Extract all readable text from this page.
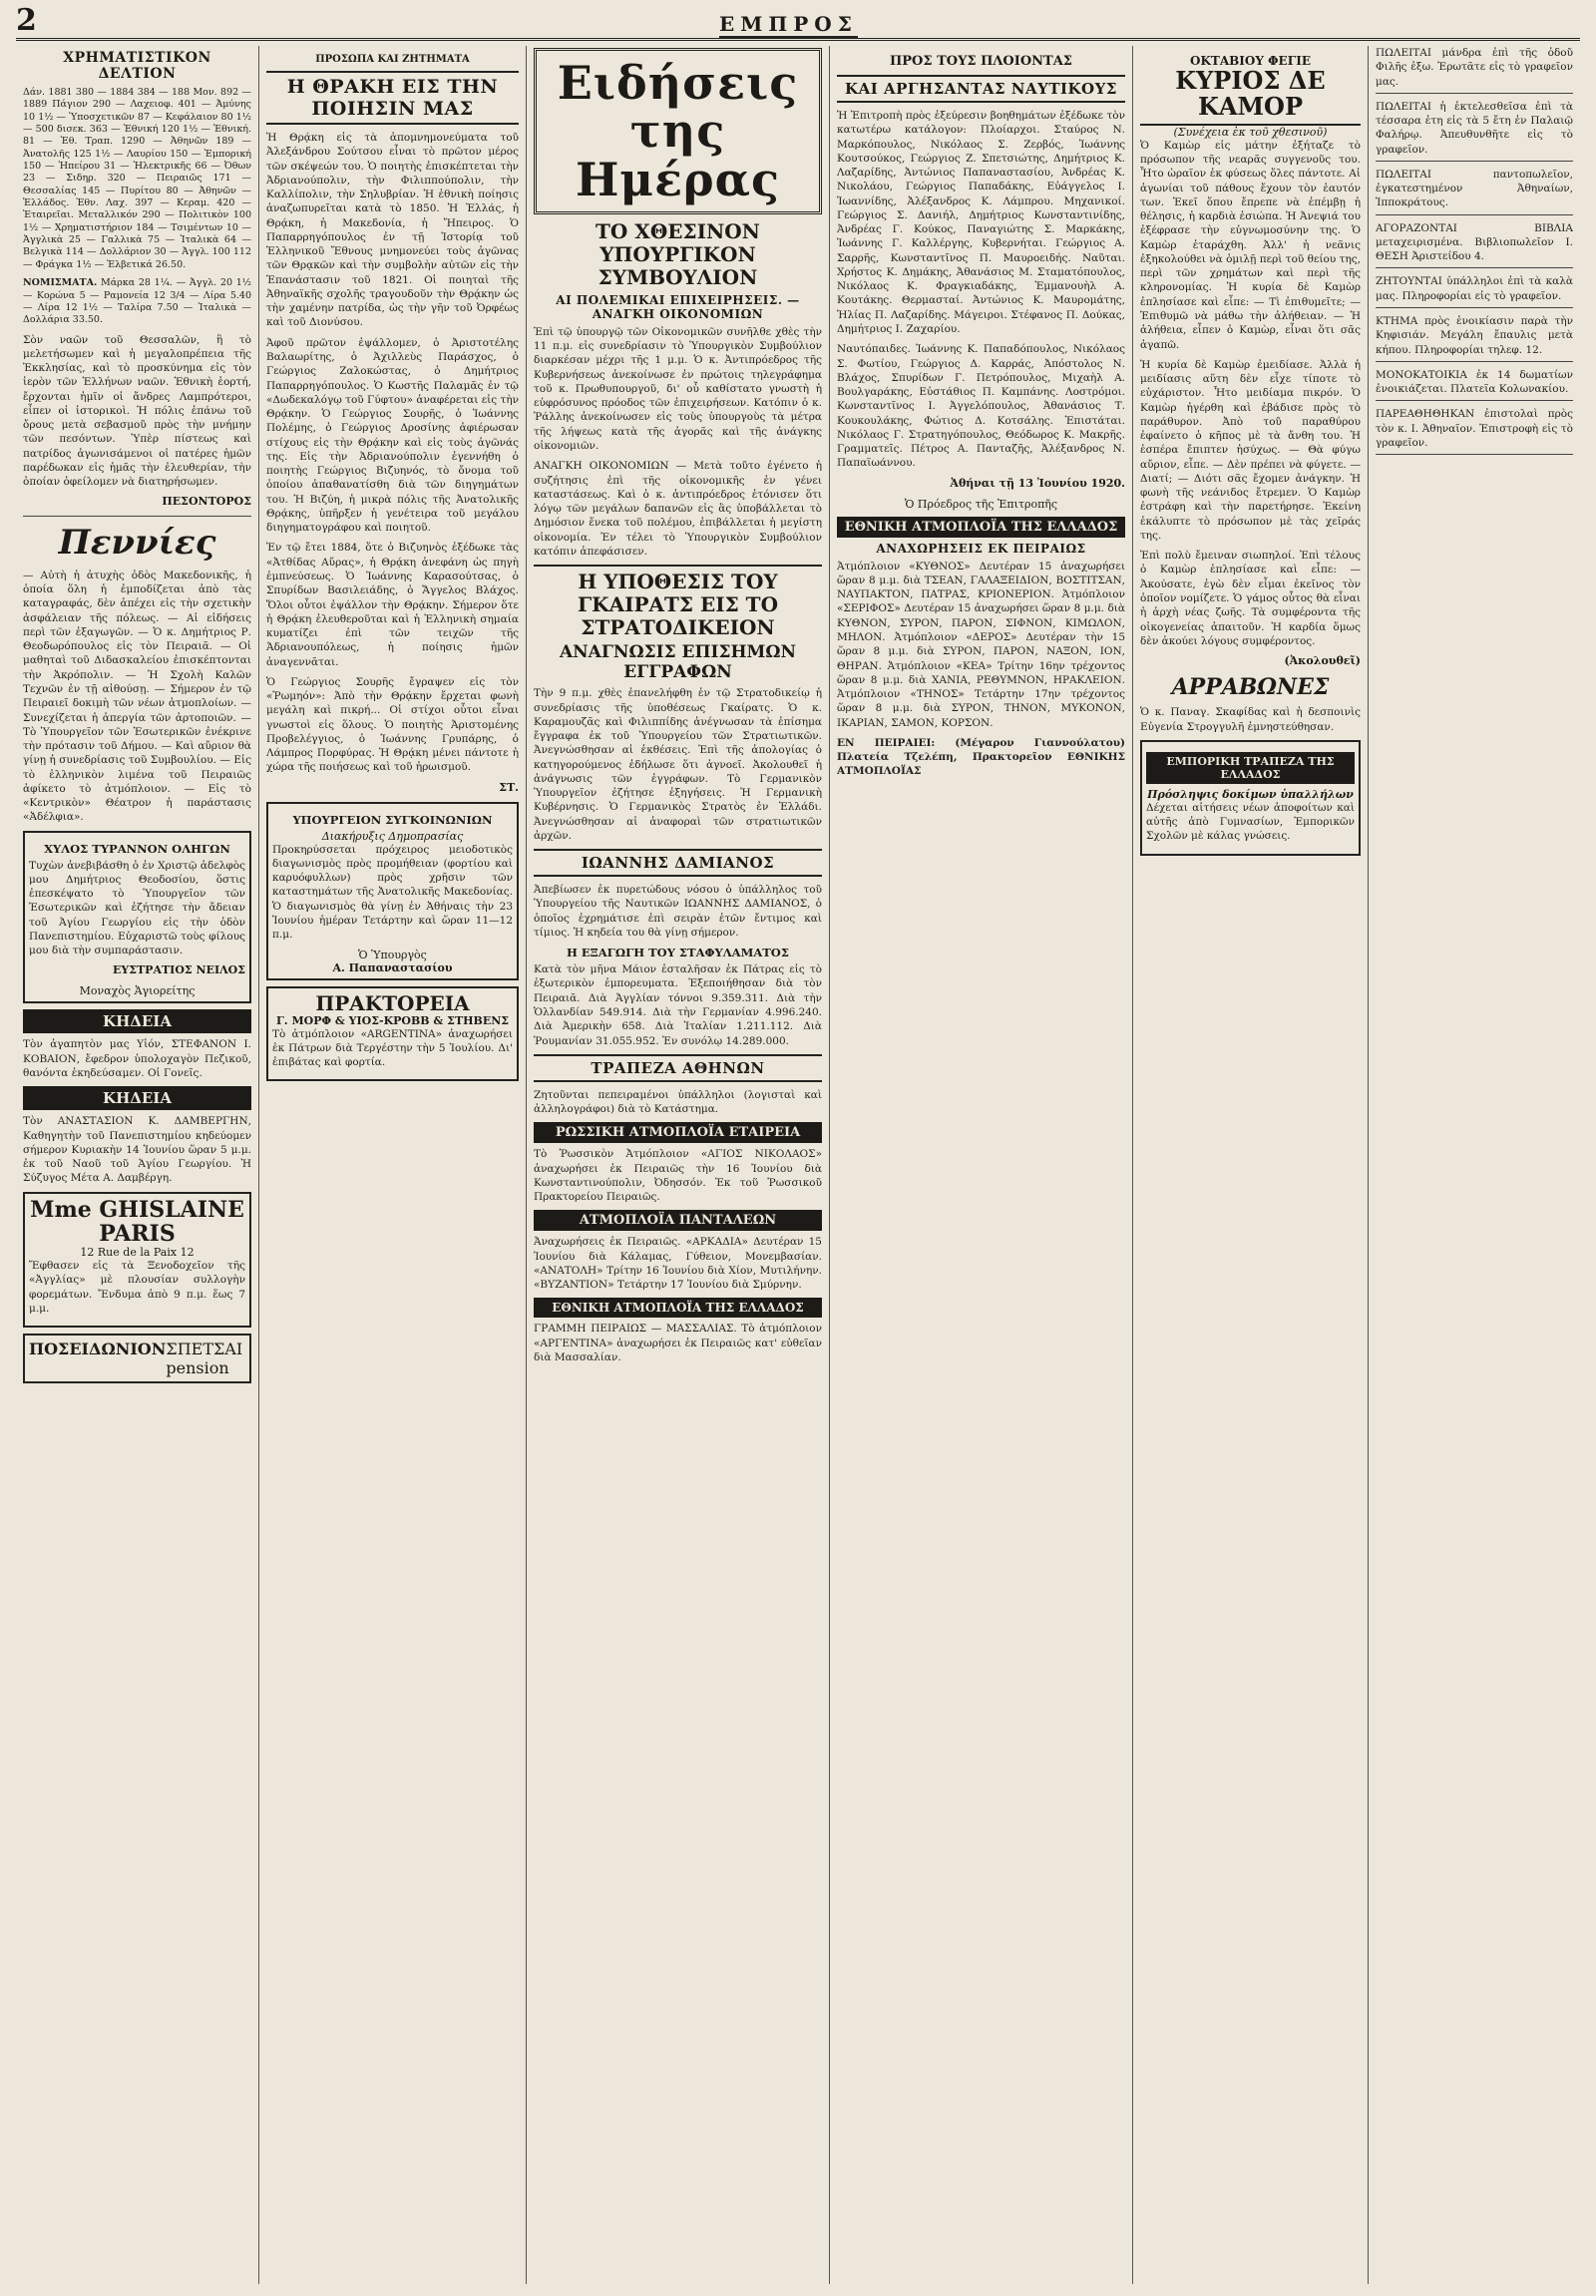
2	ΕΜΠΡΟΣ
ΧΡΗΜΑΤΙΣΤΙΚΟΝ ΔΕΛΤΙΟΝ

Δάν. 1881 380 — 1884 384 — 188 Μον. 892 — 1889 Πάγιον 290 — Λαχειοφ. 401 — Ἀμύνης 10 1½ — Ὑποσχετικῶν 87 — Κεφάλαιον 80 1½ — 500 δισεκ. 363 — Ἐθνική 120 1½ — Ἐθνική. 81 — Ἐθ. Τραπ. 1290 — Ἀθηνῶν 189 — Ἀνατολῆς 125 1½ — Λαυρίου 150 — Ἐμπορική 150 — Ἠπείρου 31 — Ἡλεκτρικῆς 66 — Ὀθων 23 — Σιδηρ. 320 — Πειραιῶς 171 — Θεσσαλίας 145 — Πυρίτου 80 — Ἀθηνῶν — Ἑλλάδος. Ἐθν. Λαχ. 397 — Κεραμ. 420 — Ἐταιρεῖαι. Μεταλλικόν 290 — Πολιτικὸν 100 1½ — Χρηματιστήριον 184 — Τσιμέντων 10 — Ἀγγλικὰ 25 — Γαλλικὰ 75 — Ἰταλικὰ 64 — Βελγικὰ 114 — Δολλάριον 30 — Ἀγγλ. 100 112 — Φράγκα 1½ — Ἑλβετικά 26.50.

ΝΟΜΙΣΜΑΤΑ. Μάρκα 28 1¼. — Ἀγγλ. 20 1½ — Κορώνα 5 — Ραμονεία 12 3/4 — Λίρα 5.40 — Λίρα 12 1½ — Ταλίρα 7.50 — Ἰταλικὰ — Δολλάρια 33.50.

Σὸν ναῶν τοῦ Θεσσαλῶν, ἣ τὸ μελετήσωμεν καὶ ἡ μεγαλοπρέπεια τῆς Ἐκκλησίας, καὶ τὸ προσκύνημα εἰς τὸν ἱερὸν τῶν Ἑλλήνων ναῶν. Ἐθνικὴ ἑορτή, ἔρχονται ἡμῖν οἱ ἄνδρες Λαμπρότεροι, εἶπεν οἱ ἱστορικοὶ. Ἡ πόλις ἐπάνω τοῦ ὄρους μετὰ σεβασμοῦ πρὸς τὴν μνήμην τῶν πεσόντων. Ὑπὲρ πίστεως καὶ πατρίδος ἀγωνισάμενοι οἱ πατέρες ἡμῶν παρέδωκαν εἰς ἡμᾶς τὴν ἐλευθερίαν, τὴν ὁποίαν ὀφείλομεν νὰ διατηρήσωμεν.

ΠΕΣΟΝΤΟΡΟΣ
Πεννίες

— Αὐτὴ ἡ ἀτυχὴς ὁδὸς Μακεδονικῆς, ἡ ὁποία ὅλη ἡ ἐμποδίζεται ἀπὸ τὰς καταγραφάς, δὲν ἀπέχει εἰς τὴν σχετικὴν ἀσφάλειαν τῆς πόλεως. — Αἱ εἰδήσεις περὶ τῶν ἐξαγωγῶν. — Ὁ κ. Δημήτριος Ρ. Θεοδωρόπουλος εἰς τὸν Πειραιᾶ. — Οἱ μαθηταὶ τοῦ Διδασκαλείου ἐπισκέπτονται τὴν Ἀκρόπολιν. — Ἡ Σχολὴ Καλῶν Τεχνῶν ἐν τῇ αἰθούσῃ. — Σήμερον ἐν τῷ Πειραιεῖ δοκιμὴ τῶν νέων ἀτμοπλοίων. — Συνεχίζεται ἡ ἀπεργία τῶν ἀρτοποιῶν. — Τὸ Ὑπουργεῖον τῶν Ἐσωτερικῶν ἐνέκρινε τὴν πρότασιν τοῦ Δήμου. — Καὶ αὔριον θὰ γίνῃ ἡ συνεδρίασις τοῦ Συμβουλίου. — Εἰς τὸ ἑλληνικὸν λιμένα τοῦ Πειραιῶς ἀφίκετο τὸ ἀτμόπλοιον. — Εἰς τὸ «Κεντρικὸν» Θέατρον ἡ παράστασις «Ἀδέλφια».

ΧΥΛΟΣ ΤΥΡΑΝΝΟΝ ΟΛΗΓΩΝ

Τυχὼν ἀνεβιβάσθη ὁ ἐν Χριστῷ ἀδελφὸς μου Δημήτριος Θεοδοσίου, ὅστις ἐπεσκέψατο τὸ Ὑπουργεῖον τῶν Ἐσωτερικῶν καὶ ἐζήτησε τὴν ἄδειαν τοῦ Ἀγίου Γεωργίου εἰς τὴν ὁδὸν Πανεπιστημίου. Εὐχαριστῶ τοὺς φίλους μου διὰ τὴν συμπαράστασιν.

ΕΥΣΤΡΑΤΙΟΣ ΝΕΙΛΟΣ
Μοναχὸς Ἁγιορείτης
ΚΗΔΕΙΑ

Τὸν ἀγαπητὸν μας Υἱόν, ΣΤΕΦΑΝΟΝ Ι. ΚΟΒΑΙΟΝ, ἔφεδρον ὑπολοχαγὸν Πεζικοῦ, θανόντα ἐκηδεύσαμεν. Οἱ Γονεῖς.

ΚΗΔΕΙΑ

Τὸν ΑΝΑΣΤΑΣΙΟΝ Κ. ΔΑΜΒΕΡΓΗΝ, Καθηγητὴν τοῦ Πανεπιστημίου κηδεύομεν σήμερον Κυριακὴν 14 Ἰουνίου ὥραν 5 μ.μ. ἐκ τοῦ Ναοῦ τοῦ Ἁγίου Γεωργίου. Ἡ Σύζυγος Μέτα Α. Δαμβέργη.

Mme GHISLAINE PARIS
12 Rue de la Paix 12

Ἔφθασεν εἰς τὰ Ξενοδοχεῖον τῆς «Ἀγγλίας» μὲ πλουσίαν συλλογὴν φορεμάτων. Ἔνδυμα ἀπὸ 9 π.μ. ἕως 7 μ.μ.

ΠΟΣΕΙΔΩΝΙΟΝ ΣΠΕΤΣΑΙ pension
ΠΡΟΣΩΠΑ ΚΑΙ ΖΗΤΗΜΑΤΑ
Η ΘΡΑΚΗ ΕΙΣ ΤΗΝ ΠΟΙΗΣΙΝ ΜΑΣ

Ἡ Θρᾴκη εἰς τὰ ἀπομνημονεύματα τοῦ Ἀλεξάνδρου Σούτσου εἶναι τὸ πρῶτον μέρος τῶν σκέψεών του. Ὁ ποιητὴς ἐπισκέπτεται τὴν Ἀδριανούπολιν, τὴν Φιλιππούπολιν, τὴν Καλλίπολιν, τὴν Σηλυβρίαν. Ἡ ἐθνικὴ ποίησις ἀναζωπυρεῖται κατὰ τὸ 1850. Ἡ Ἑλλάς, ἡ Θρᾴκη, ἡ Μακεδονία, ἡ Ἤπειρος. Ὁ Παπαρρηγόπουλος ἐν τῇ Ἱστορίᾳ τοῦ Ἑλληνικοῦ Ἔθνους μνημονεύει τοὺς ἀγῶνας τῶν Θρᾳκῶν καὶ τὴν συμβολὴν αὐτῶν εἰς τὴν Ἐπανάστασιν τοῦ 1821. Οἱ ποιηταὶ τῆς Ἀθηναϊκῆς σχολῆς τραγουδοῦν τὴν Θρᾴκην ὡς τὴν χαμένην πατρίδα, ὡς τὴν γῆν τοῦ Ὀρφέως καὶ τοῦ Διονύσου.

Ἀφοῦ πρῶτον ἐψάλλομεν, ὁ Ἀριστοτέλης Βαλαωρίτης, ὁ Ἀχιλλεὺς Παράσχος, ὁ Γεώργιος Ζαλοκώστας, ὁ Δημήτριος Παπαρρηγόπουλος. Ὁ Κωστῆς Παλαμᾶς ἐν τῷ «Δωδεκαλόγῳ τοῦ Γύφτου» ἀναφέρεται εἰς τὴν Θρᾴκην. Ὁ Γεώργιος Σουρῆς, ὁ Ἰωάννης Πολέμης, ὁ Γεώργιος Δροσίνης ἀφιέρωσαν στίχους εἰς τὴν Θρᾴκην καὶ εἰς τοὺς ἀγῶνάς της. Εἰς τὴν Ἀδριανούπολιν ἐγεννήθη ὁ ποιητὴς Γεώργιος Βιζυηνός, τὸ ὄνομα τοῦ ὁποίου ἀπαθανατίσθη διὰ τῶν διηγημάτων του. Ἡ Βιζύη, ἡ μικρὰ πόλις τῆς Ἀνατολικῆς Θρᾴκης, ὑπῆρξεν ἡ γενέτειρα τοῦ μεγάλου διηγηματογράφου καὶ ποιητοῦ.

Ἐν τῷ ἔτει 1884, ὅτε ὁ Βιζυηνὸς ἐξέδωκε τὰς «Ἀτθίδας Αὔρας», ἡ Θρᾴκη ἀνεφάνη ὡς πηγὴ ἐμπνεύσεως. Ὁ Ἰωάννης Καρασούτσας, ὁ Σπυρίδων Βασιλειάδης, ὁ Ἄγγελος Βλάχος. Ὅλοι οὗτοι ἐψάλλον τὴν Θρᾴκην. Σήμερον ὅτε ἡ Θρᾴκη ἐλευθεροῦται καὶ ἡ Ἑλληνικὴ σημαία κυματίζει ἐπὶ τῶν τειχῶν τῆς Ἀδριανουπόλεως, ἡ ποίησις ἡμῶν ἀναγεννᾶται.

Ὁ Γεώργιος Σουρῆς ἔγραψεν εἰς τὸν «Ῥωμηόν»: Ἀπὸ τὴν Θρᾴκην ἔρχεται φωνὴ μεγάλη καὶ πικρή... Οἱ στίχοι οὗτοι εἶναι γνωστοὶ εἰς ὅλους. Ὁ ποιητὴς Ἀριστομένης Προβελέγγιος, ὁ Ἰωάννης Γρυπάρης, ὁ Λάμπρος Πορφύρας. Ἡ Θρᾴκη μένει πάντοτε ἡ χώρα τῆς ποιήσεως καὶ τοῦ ἡρωισμοῦ.

ΣΤ.
ΥΠΟΥΡΓΕΙΟΝ ΣΥΓΚΟΙΝΩΝΙΩΝ
Διακήρυξις Δημοπρασίας

Προκηρύσσεται πρόχειρος μειοδοτικὸς διαγωνισμὸς πρὸς προμήθειαν (φορτίου καὶ καρυόφυλλων) πρὸς χρῆσιν τῶν καταστημάτων τῆς Ἀνατολικῆς Μακεδονίας. Ὁ διαγωνισμὸς θὰ γίνῃ ἐν Ἀθήναις τὴν 23 Ἰουνίου ἡμέραν Τετάρτην καὶ ὥραν 11—12 π.μ.

Ὁ Ὑπουργὸς
Α. Παπαναστασίου
ΠΡΑΚΤΟΡΕΙΑ
Γ. ΜΟΡΦ & ΥΙΟΣ-ΚΡΟΒΒ & ΣΤΗΒΕΝΣ

Τὸ ἀτμόπλοιον «ARGENTINA» ἀναχωρήσει ἐκ Πάτρων διὰ Τεργέστην τὴν 5 Ἰουλίου. Δι' ἐπιβάτας καὶ φορτία.

Ειδήσεις της Ημέρας
ΤΟ ΧΘΕΣΙΝΟΝ ΥΠΟΥΡΓΙΚΟΝ ΣΥΜΒΟΥΛΙΟΝ
ΑΙ ΠΟΛΕΜΙΚΑΙ ΕΠΙΧΕΙΡΗΣΕΙΣ. — ΑΝΑΓΚΗ ΟΙΚΟΝΟΜΙΩΝ

Ἐπὶ τῷ ὑπουργῷ τῶν Οἰκονομικῶν συνῆλθε χθὲς τὴν 11 π.μ. εἰς συνεδρίασιν τὸ Ὑπουργικὸν Συμβούλιον διαρκέσαν μέχρι τῆς 1 μ.μ. Ὁ κ. Ἀντιπρόεδρος τῆς Κυβερνήσεως ἀνεκοίνωσε ἐν πρώτοις τηλεγράφημα τοῦ κ. Πρωθυπουργοῦ, δι' οὗ καθίστατο γνωστὴ ἡ εὐφρόσυνος πρόοδος τῶν ἐπιχειρήσεων. Κατόπιν ὁ κ. Ῥάλλης ἀνεκοίνωσεν εἰς τοὺς ὑπουργοὺς τὰ μέτρα τῆς λήψεως κατὰ τῆς ἀγορᾶς καὶ τῆς ἀνάγκης οἰκονομιῶν.

ΑΝΑΓΚΗ ΟΙΚΟΝΟΜΙΩΝ — Μετὰ τοῦτο ἐγένετο ἡ συζήτησις ἐπὶ τῆς οἰκονομικῆς ἐν γένει καταστάσεως. Καὶ ὁ κ. ἀντιπρόεδρος ἐτόνισεν ὅτι λόγῳ τῶν μεγάλων δαπανῶν εἰς ἃς ὑποβάλλεται τὸ Δημόσιον ἕνεκα τοῦ πολέμου, ἐπιβάλλεται ἡ μεγίστη οἰκονομία. Ἐν τέλει τὸ Ὑπουργικὸν Συμβούλιον κατόπιν ἀπεφάσισεν.

Η ΥΠΟΘΕΣΙΣ ΤΟΥ ΓΚΑΙΡΑΤΣ ΕΙΣ ΤΟ ΣΤΡΑΤΟΔΙΚΕΙΟΝ
ΑΝΑΓΝΩΣΙΣ ΕΠΙΣΗΜΩΝ ΕΓΓΡΑΦΩΝ

Τὴν 9 π.μ. χθὲς ἐπανελήφθη ἐν τῷ Στρατοδικείῳ ἡ συνεδρίασις τῆς ὑποθέσεως Γκαίρατς. Ὁ κ. Καραμουζᾶς καὶ Φιλιππίδης ἀνέγνωσαν τὰ ἐπίσημα ἔγγραφα ἐκ τοῦ Ὑπουργείου τῶν Στρατιωτικῶν. Ἀνεγνώσθησαν αἱ ἐκθέσεις. Ἐπὶ τῆς ἀπολογίας ὁ κατηγορούμενος ἐδήλωσε ὅτι ἀγνοεῖ. Ἀκολουθεῖ ἡ ἀνάγνωσις τῶν ἐγγράφων. Τὸ Γερμανικὸν Ὑπουργεῖον ἐζήτησε ἐξηγήσεις. Ἡ Γερμανικὴ Κυβέρνησις. Ὁ Γερμανικὸς Στρατὸς ἐν Ἑλλάδι. Ἀνεγνώσθησαν αἱ ἀναφοραὶ τῶν στρατιωτικῶν ἀρχῶν.

ΙΩΑΝΝΗΣ ΔΑΜΙΑΝΟΣ

Ἀπεβίωσεν ἐκ πυρετώδους νόσου ὁ ὑπάλληλος τοῦ Ὑπουργείου τῆς Ναυτικῶν ΙΩΑΝΝΗΣ ΔΑΜΙΑΝΟΣ, ὁ ὁποῖος ἐχρημάτισε ἐπὶ σειρὰν ἐτῶν ἔντιμος καὶ τίμιος. Ἡ κηδεία του θὰ γίνῃ σήμερον.

Η ΕΞΑΓΩΓΗ ΤΟΥ ΣΤΑΦΥΛΑΜΑΤΟΣ

Κατὰ τὸν μῆνα Μάιον ἐσταλῆσαν ἐκ Πάτρας εἰς τὸ ἐξωτερικὸν ἐμπορευματα. Ἐξεποιήθησαν διὰ τὸν Πειραιᾶ. Διὰ Ἀγγλίαν τόννοι 9.359.311. Διὰ τὴν Ὁλλανδίαν 549.914. Διὰ τὴν Γερμανίαν 4.996.240. Διὰ Ἀμερικὴν 658. Διὰ Ἰταλίαν 1.211.112. Διὰ Ῥουμανίαν 31.055.952. Ἐν συνόλῳ 14.289.000.

ΤΡΑΠΕΖΑ ΑΘΗΝΩΝ

Ζητοῦνται πεπειραμένοι ὑπάλληλοι (λογισταὶ καὶ ἀλληλογράφοι) διὰ τὸ Κατάστημα.

ΡΩΣΣΙΚΗ ΑΤΜΟΠΛΟΪΑ ΕΤΑΙΡΕΙΑ

Τὸ Ῥωσσικὸν Ἀτμόπλοιον «ΑΓΙΟΣ ΝΙΚΟΛΑΟΣ» ἀναχωρήσει ἐκ Πειραιῶς τὴν 16 Ἰουνίου διὰ Κωνσταντινούπολιν, Ὀδησσόν. Ἐκ τοῦ Ῥωσσικοῦ Πρακτορείου Πειραιῶς.

ΑΤΜΟΠΛΟΪΑ ΠΑΝΤΑΛΕΩΝ

Ἀναχωρήσεις ἐκ Πειραιῶς. «ΑΡΚΑΔΙΑ» Δευτέραν 15 Ἰουνίου διὰ Κάλαμας, Γύθειον, Μονεμβασίαν. «ΑΝΑΤΟΛΗ» Τρίτην 16 Ἰουνίου διὰ Χίον, Μυτιλήνην. «ΒΥΖΑΝΤΙΟΝ» Τετάρτην 17 Ἰουνίου διὰ Σμύρνην.

ΕΘΝΙΚΗ ΑΤΜΟΠΛΟΪΑ ΤΗΣ ΕΛΛΑΔΟΣ

ΓΡΑΜΜΗ ΠΕΙΡΑΙΩΣ — ΜΑΣΣΑΛΙΑΣ. Τὸ ἀτμόπλοιον «ΑΡΓΕΝΤΙΝΑ» ἀναχωρήσει ἐκ Πειραιῶς κατ' εὐθεῖαν διὰ Μασσαλίαν.

ΠΡΟΣ ΤΟΥΣ ΠΛΟΙΟΝΤΑΣ
ΚΑΙ ΑΡΓΗΣΑΝΤΑΣ ΝΑΥΤΙΚΟΥΣ

Ἡ Ἐπιτροπὴ πρὸς ἐξεύρεσιν βοηθημάτων ἐξέδωκε τὸν κατωτέρω κατάλογον: Πλοίαρχοι. Σταύρος Ν. Μαρκόπουλος, Νικόλαος Σ. Ζερβός, Ἰωάννης Κουτσούκος, Γεώργιος Ζ. Σπετσιώτης, Δημήτριος Κ. Λαζαρίδης, Ἀντώνιος Παπαναστασίου, Ἀνδρέας Κ. Νικολάου, Γεώργιος Παπαδάκης, Εὐάγγελος Ι. Ἰωαννίδης, Ἀλέξανδρος Κ. Λάμπρου. Μηχανικοί. Γεώργιος Σ. Δανιήλ, Δημήτριος Κωνσταντινίδης, Ἀνδρέας Γ. Κούκος, Παναγιώτης Σ. Μαρκάκης, Ἰωάννης Γ. Καλλέργης, Κυβερνήται. Γεώργιος Α. Σαρρῆς, Κωνσταντῖνος Π. Μαυροειδής. Ναῦται. Χρήστος Κ. Δημάκης, Ἀθανάσιος Μ. Σταματόπουλος, Νικόλαος Κ. Φραγκιαδάκης, Ἐμμανουὴλ Α. Κουτάκης. Θερμασταί. Ἀντώνιος Κ. Μαυρομάτης, Ἠλίας Π. Λαζαρίδης. Μάγειροι. Στέφανος Π. Δούκας, Δημήτριος Ι. Ζαχαρίου.

Ναυτόπαιδες. Ἰωάννης Κ. Παπαδόπουλος, Νικόλαος Σ. Φωτίου, Γεώργιος Δ. Καρράς, Ἀπόστολος Ν. Βλάχος, Σπυρίδων Γ. Πετρόπουλος, Μιχαὴλ Α. Βουλγαράκης, Εὐστάθιος Π. Καμπάνης. Λοστρόμοι. Κωνσταντῖνος Ι. Ἀγγελόπουλος, Ἀθανάσιος Τ. Κουκουλάκης, Φώτιος Δ. Κοτσάλης. Ἐπιστάται. Νικόλαος Γ. Στρατηγόπουλος, Θεόδωρος Κ. Μακρῆς. Γραμματεῖς. Πέτρος Α. Πανταζῆς, Ἀλέξανδρος Ν. Παπαϊωάννου.

Ἀθήναι τῇ 13 Ἰουνίου 1920.
Ὁ Πρόεδρος τῆς Ἐπιτροπῆς
ΕΘΝΙΚΗ ΑΤΜΟΠΛΟΪΑ ΤΗΣ ΕΛΛΑΔΟΣ
ΑΝΑΧΩΡΗΣΕΙΣ ΕΚ ΠΕΙΡΑΙΩΣ

Ἀτμόπλοιον «ΚΥΘΝΟΣ» Δευτέραν 15 ἀναχωρήσει ὥραν 8 μ.μ. διὰ ΤΣΕΑΝ, ΓΑΛΑΞΕΙΔΙΟΝ, ΒΟΣΤΙΤΣΑΝ, ΝΑΥΠΑΚΤΟΝ, ΠΑΤΡΑΣ, ΚΡΙΟΝΕΡΙΟΝ. Ἀτμόπλοιον «ΣΕΡΙΦΟΣ» Δευτέραν 15 ἀναχωρήσει ὥραν 8 μ.μ. διὰ ΚΥΘΝΟΝ, ΣΥΡΟΝ, ΠΑΡΟΝ, ΣΙΦΝΟΝ, ΚΙΜΩΛΟΝ, ΜΗΛΟΝ. Ἀτμόπλοιον «ΔΕΡΟΣ» Δευτέραν τὴν 15 ὥραν 8 μ.μ. διὰ ΣΥΡΟΝ, ΠΑΡΟΝ, ΝΑΞΟΝ, ΙΟΝ, ΘΗΡΑΝ. Ἀτμόπλοιον «ΚΕΑ» Τρίτην 16ην τρέχοντος ὥραν 8 μ.μ. διὰ ΧΑΝΙΑ, ΡΕΘΥΜΝΟΝ, ΗΡΑΚΛΕΙΟΝ. Ἀτμόπλοιον «ΤΗΝΟΣ» Τετάρτην 17ην τρέχοντος ὥραν 8 μ.μ. διὰ ΣΥΡΟΝ, ΤΗΝΟΝ, ΜΥΚΟΝΟΝ, ΙΚΑΡΙΑΝ, ΣΑΜΟΝ, ΚΟΡΣΟΝ.

ΕΝ ΠΕΙΡΑΙΕΙ: (Μέγαρον Γιαννούλατου) Πλατεία Τζελέπη, Πρακτορεῖον ΕΘΝΙΚΗΣ ΑΤΜΟΠΛΟΪΑΣ

ΟΚΤΑΒΙΟΥ ΦΕΓΙΕ
ΚΥΡΙΟΣ ΔΕ ΚΑΜΟΡ
(Συνέχεια ἐκ τοῦ χθεσινοῦ)

Ὁ Καμὼρ εἰς μάτην ἐξήταζε τὸ πρόσωπον τῆς νεαρᾶς συγγενοῦς του. Ἦτο ὡραῖον ἐκ φύσεως ὅλες πάντοτε. Αἱ ἀγωνίαι τοῦ πάθους ἔχουν τὸν ἑαυτόν των. Ἐκεῖ ὅπου ἔπρεπε νὰ ἐπέμβῃ ἡ θέλησις, ἡ καρδιὰ ἐσιώπα. Ἡ Ἀνεψιά του ἐξέφρασε τὴν εὐγνωμοσύνην της. Ὁ Καμὼρ ἐταράχθη. Ἀλλ' ἡ νεᾶνις ἐξηκολούθει νὰ ὁμιλῇ περὶ τοῦ θείου της, περὶ τῶν χρημάτων καὶ περὶ τῆς κληρονομίας. Ἡ κυρία δὲ Καμὼρ ἐπλησίασε καὶ εἶπε: — Τὶ ἐπιθυμεῖτε; — Ἐπιθυμῶ νὰ μάθω τὴν ἀλήθειαν. — Ἡ ἀλήθεια, εἶπεν ὁ Καμὼρ, εἶναι ὅτι σᾶς ἀγαπῶ.

Ἡ κυρία δὲ Καμὼρ ἐμειδίασε. Ἀλλὰ ἡ μειδίασις αὕτη δὲν εἶχε τίποτε τὸ εὐχάριστον. Ἦτο μειδίαμα πικρόν. Ὁ Καμὼρ ἠγέρθη καὶ ἐβάδισε πρὸς τὸ παράθυρον. Ἀπὸ τοῦ παραθύρου ἐφαίνετο ὁ κῆπος μὲ τὰ ἄνθη του. Ἡ ἑσπέρα ἔπιπτεν ἡσύχως. — Θὰ φύγω αὔριον, εἶπε. — Δὲν πρέπει νὰ φύγετε. — Διατί; — Διότι σᾶς ἔχομεν ἀνάγκην. Ἡ φωνὴ τῆς νεάνιδος ἔτρεμεν. Ὁ Καμὼρ ἐστράφη καὶ τὴν παρετήρησε. Ἐκείνη ἐκάλυπτε τὸ πρόσωπον μὲ τὰς χεῖράς της.

Ἐπὶ πολὺ ἔμειναν σιωπηλοί. Ἐπὶ τέλους ὁ Καμὼρ ἐπλησίασε καὶ εἶπε: — Ἀκούσατε, ἐγὼ δὲν εἶμαι ἐκεῖνος τὸν ὁποῖον νομίζετε. Ὁ γάμος οὗτος θὰ εἶναι ἡ ἀρχὴ νέας ζωῆς. Τὰ συμφέροντα τῆς οἰκογενείας ἀπαιτοῦν. Ἡ καρδία ὅμως δὲν ἀκούει λόγους συμφέροντος.

(Ἀκολουθεῖ)
ΑΡΡΑΒΩΝΕΣ

Ὁ κ. Παναγ. Σκαφίδας καὶ ἡ δεσποινὶς Εὐγενία Στρογγυλῆ ἐμνηστεύθησαν.

ΕΜΠΟΡΙΚΗ ΤΡΑΠΕΖΑ ΤΗΣ ΕΛΛΑΔΟΣ
Πρόσληψις δοκίμων ὑπαλλήλων

Δέχεται αἰτήσεις νέων ἀποφοίτων καὶ αὐτῆς ἀπὸ Γυμνασίων, Ἐμπορικῶν Σχολῶν μὲ κάλας γνώσεις.

ΠΩΛΕΙΤΑΙ μάνδρα ἐπὶ τῆς ὁδοῦ Φιλῆς ἐξω. Ἐρωτᾶτε εἰς τὸ γραφεῖον μας.

ΠΩΛΕΙΤΑΙ ἡ ἐκτελεσθεῖσα ἐπὶ τὰ τέσσαρα ἐτη εἰς τὰ 5 ἔτη ἐν Παλαιῷ Φαλήρῳ. Ἀπευθυνθῆτε εἰς τὸ γραφεῖον.

ΠΩΛΕΙΤΑΙ παντοπωλεῖον, ἐγκατεστημένον Ἀθηναίων, Ἱπποκράτους.

ΑΓΟΡΑΖΟΝΤΑΙ ΒΙΒΛΙΑ μεταχειρισμένα. Βιβλιοπωλεῖον Ι. ΘΕΣΗ Ἀριστείδου 4.

ΖΗΤΟΥΝΤΑΙ ὑπάλληλοι ἐπὶ τὰ καλὰ μας. Πληροφορίαι εἰς τὸ γραφεῖον.

ΚΤΗΜΑ πρὸς ἐνοικίασιν παρὰ τὴν Κηφισιάν. Μεγάλη ἔπαυλις μετὰ κήπου. Πληροφορίαι τηλεφ. 12.

ΜΟΝΟΚΑΤΟΙΚΙΑ ἐκ 14 δωματίων ἐνοικιάζεται. Πλατεῖα Κολωνακίου.

ΠΑΡΕΑΘΗΘΗΚΑΝ ἐπιστολαὶ πρὸς τὸν κ. Ι. Ἀθηναῖον. Ἐπιστροφὴ εἰς τὸ γραφεῖον.
